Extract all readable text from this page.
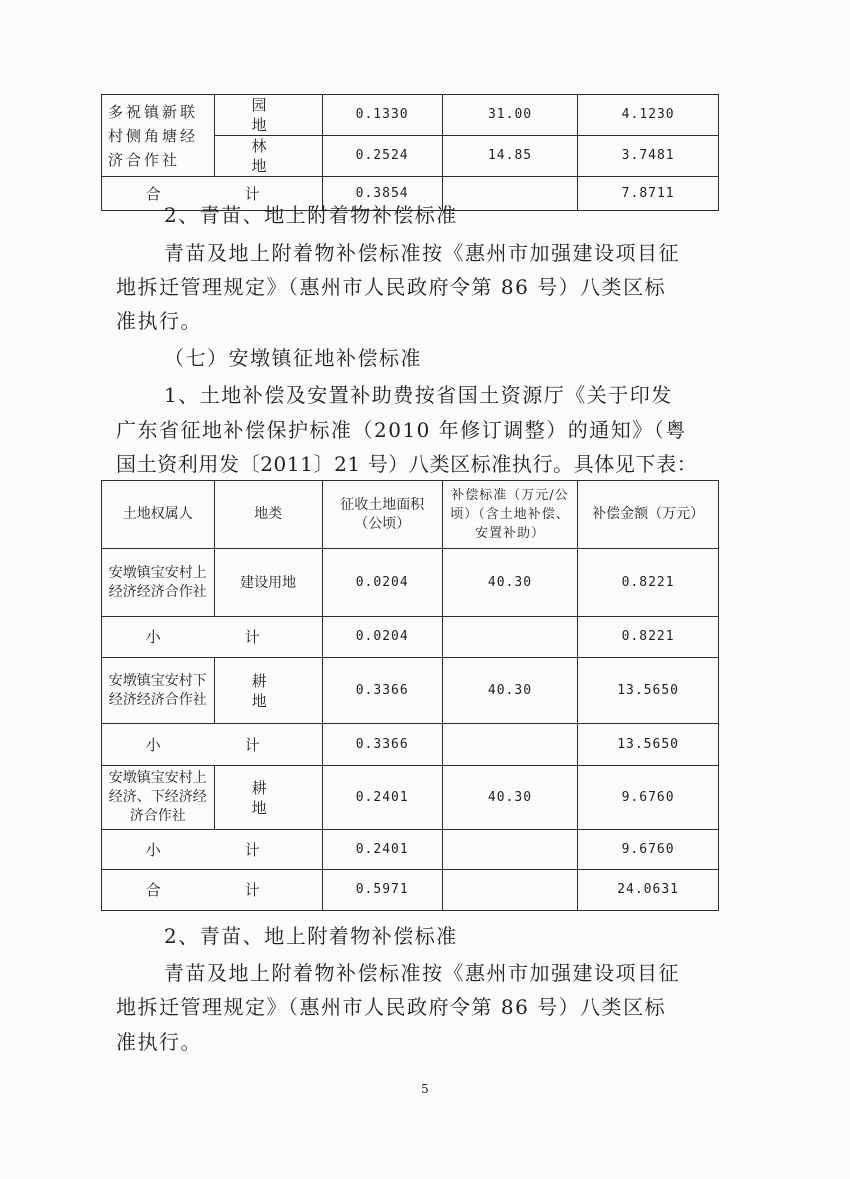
多祝镇新联村侧角塘经济合作社	园　　地	0.1330	31.00	4.1230
	林　　地	0.2524	14.85	3.7481
合　　计		0.3854		7.8711
2、青苗、地上附着物补偿标准
青苗及地上附着物补偿标准按《惠州市加强建设项目征
地拆迁管理规定》（惠州市人民政府令第 86 号）八类区标
准执行。
（七）安墩镇征地补偿标准
1、土地补偿及安置补助费按省国土资源厅《关于印发
广东省征地补偿保护标准（2010 年修订调整）的通知》（粤
国土资利用发〔2011〕21 号）八类区标准执行。具体见下表：
土地权属人	地类	征收土地面积（公顷）	补偿标准（万元/公顷）（含土地补偿、安置补助）	补偿金额（万元）
安墩镇宝安村上经济经济合作社	建设用地	0.0204	40.30	0.8221
小　　计		0.0204		0.8221
安墩镇宝安村下经济经济合作社	耕　　地	0.3366	40.30	13.5650
小　　计		0.3366		13.5650
安墩镇宝安村上经济、下经济经济合作社	耕　　地	0.2401	40.30	9.6760
小　　计		0.2401		9.6760
合　　计		0.5971		24.0631
2、青苗、地上附着物补偿标准
青苗及地上附着物补偿标准按《惠州市加强建设项目征
地拆迁管理规定》（惠州市人民政府令第 86 号）八类区标
准执行。
5
